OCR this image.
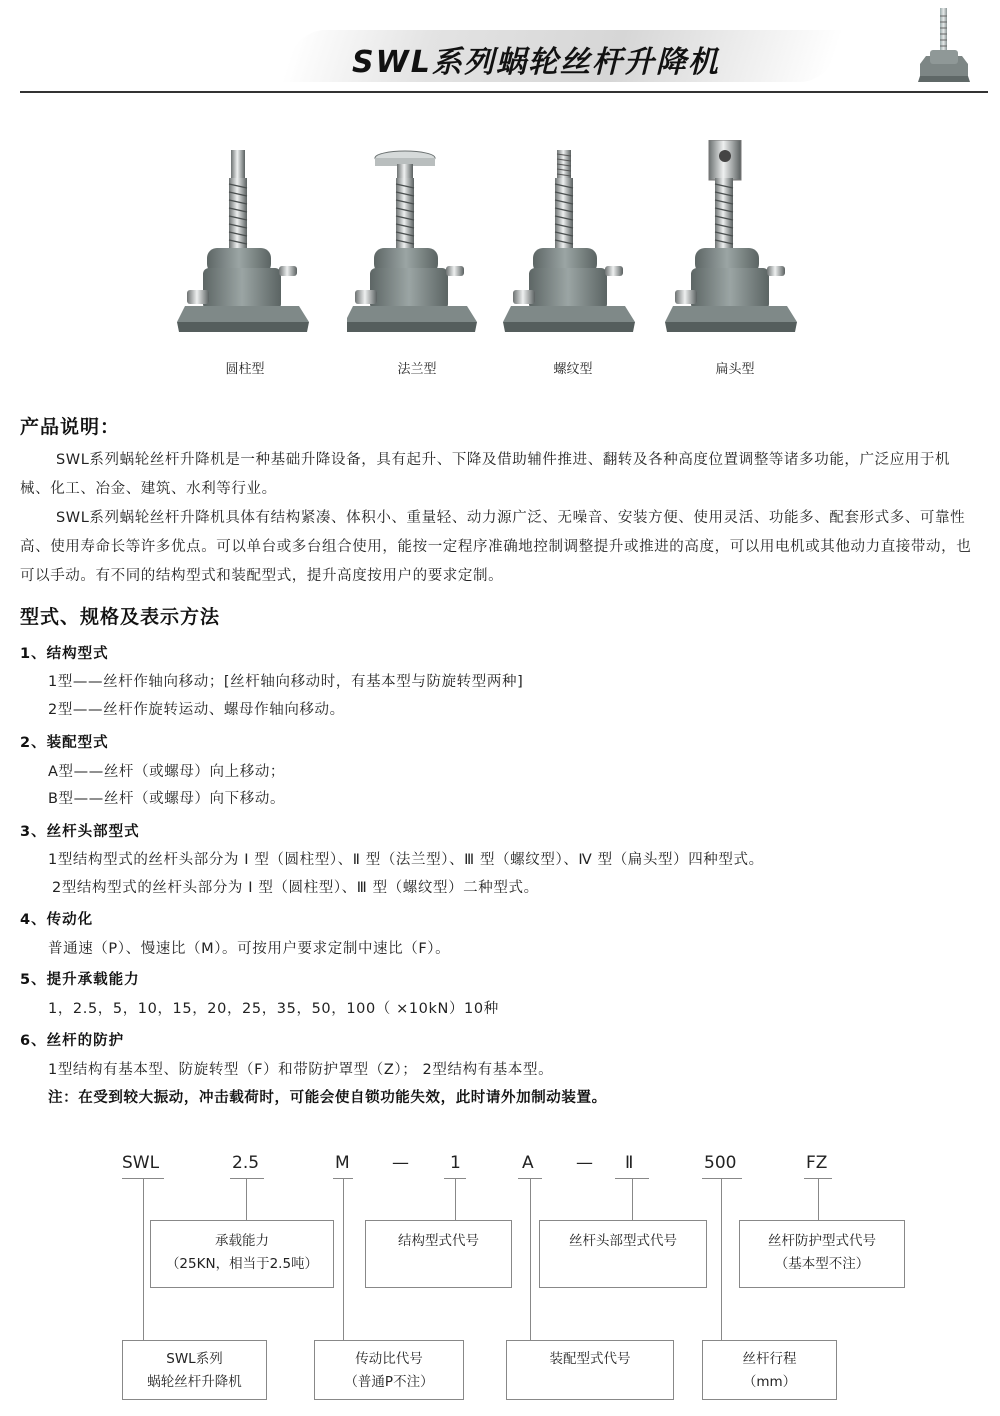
SWL系列蜗轮丝杆升降机
圆柱型	法兰型	螺纹型	扁头型
产品说明：
SWL系列蜗轮丝杆升降机是一种基础升降设备，具有起升、下降及借助辅件推进、翻转及各种高度位置调整等诸多功能，广泛应用于机械、化工、冶金、建筑、水利等行业。
SWL系列蜗轮丝杆升降机具体有结构紧凑、体积小、重量轻、动力源广泛、无噪音、安装方便、使用灵活、功能多、配套形式多、可靠性高、使用寿命长等许多优点。可以单台或多台组合使用，能按一定程序准确地控制调整提升或推进的高度，可以用电机或其他动力直接带动，也可以手动。有不同的结构型式和装配型式，提升高度按用户的要求定制。
型式、规格及表示方法
1、结构型式
1型——丝杆作轴向移动；[丝杆轴向移动时，有基本型与防旋转型两种]
2型——丝杆作旋转运动、螺母作轴向移动。
2、装配型式
A型——丝杆（或螺母）向上移动；
B型——丝杆（或螺母）向下移动。
3、丝杆头部型式
1型结构型式的丝杆头部分为 Ⅰ 型（圆柱型）、Ⅱ 型（法兰型）、Ⅲ 型（螺纹型）、Ⅳ 型（扁头型）四种型式。
2型结构型式的丝杆头部分为 Ⅰ 型（圆柱型）、Ⅲ 型（螺纹型）二种型式。
4、传动化
普通速（P）、慢速比（M）。可按用户要求定制中速比（F）。
5、提升承载能力
1，2.5，5，10，15，20，25，35，50，100（ ×10kN）10种
6、丝杆的防护
1型结构有基本型、防旋转型（F）和带防护罩型（Z）； 2型结构有基本型。
注：在受到较大振动，冲击载荷时，可能会使自锁功能失效，此时请外加制动装置。
SWL	2.5	M — 1	A — Ⅱ	500	FZ
承载能力
（25KN，相当于2.5吨）
结构型式代号	丝杆头部型式代号	丝杆防护型式代号
（基本型不注）
SWL系列
蜗轮丝杆升降机
传动比代号
（普通P不注）
装配型式代号	丝杆行程
（mm）
